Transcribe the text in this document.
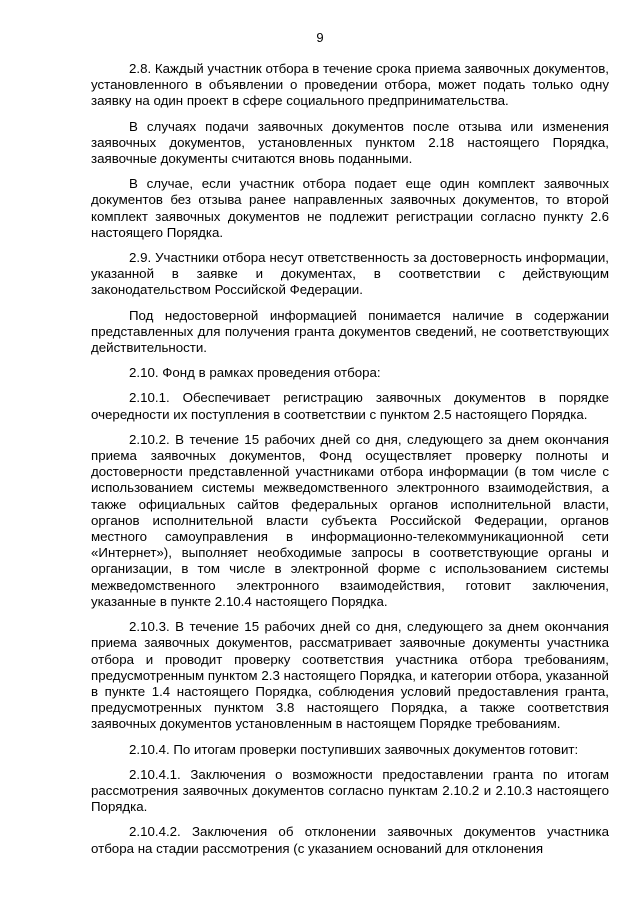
9

2.8. Каждый участник отбора в течение срока приема заявочных документов, установленного в объявлении о проведении отбора, может подать только одну заявку на один проект в сфере социального предпринимательства.

В случаях подачи заявочных документов после отзыва или изменения заявочных документов, установленных пунктом 2.18 настоящего Порядка, заявочные документы считаются вновь поданными.

В случае, если участник отбора подает еще один комплект заявочных документов без отзыва ранее направленных заявочных документов, то второй комплект заявочных документов не подлежит регистрации согласно пункту 2.6 настоящего Порядка.

2.9. Участники отбора несут ответственность за достоверность информации, указанной в заявке и документах, в соответствии с действующим законодательством Российской Федерации.

Под недостоверной информацией понимается наличие в содержании представленных для получения гранта документов сведений, не соответствующих действительности.

2.10. Фонд в рамках проведения отбора:

2.10.1. Обеспечивает регистрацию заявочных документов в порядке очередности их поступления в соответствии с пунктом 2.5 настоящего Порядка.

2.10.2. В течение 15 рабочих дней со дня, следующего за днем окончания приема заявочных документов, Фонд осуществляет проверку полноты и достоверности представленной участниками отбора информации (в том числе с использованием системы межведомственного электронного взаимодействия, а также официальных сайтов федеральных органов исполнительной власти, органов исполнительной власти субъекта Российской Федерации, органов местного самоуправления в информационно-телекоммуникационной сети «Интернет»), выполняет необходимые запросы в соответствующие органы и организации, в том числе в электронной форме с использованием системы межведомственного электронного взаимодействия, готовит заключения, указанные в пункте 2.10.4 настоящего Порядка.

2.10.3. В течение 15 рабочих дней со дня, следующего за днем окончания приема заявочных документов, рассматривает заявочные документы участника отбора и проводит проверку соответствия участника отбора требованиям, предусмотренным пунктом 2.3 настоящего Порядка, и категории отбора, указанной в пункте 1.4 настоящего Порядка, соблюдения условий предоставления гранта, предусмотренных пунктом 3.8 настоящего Порядка, а также соответствия заявочных документов установленным в настоящем Порядке требованиям.

2.10.4. По итогам проверки поступивших заявочных документов готовит:

2.10.4.1. Заключения о возможности предоставлении гранта по итогам рассмотрения заявочных документов согласно пунктам 2.10.2 и 2.10.3 настоящего Порядка.

2.10.4.2. Заключения об отклонении заявочных документов участника отбора на стадии рассмотрения (с указанием оснований для отклонения
